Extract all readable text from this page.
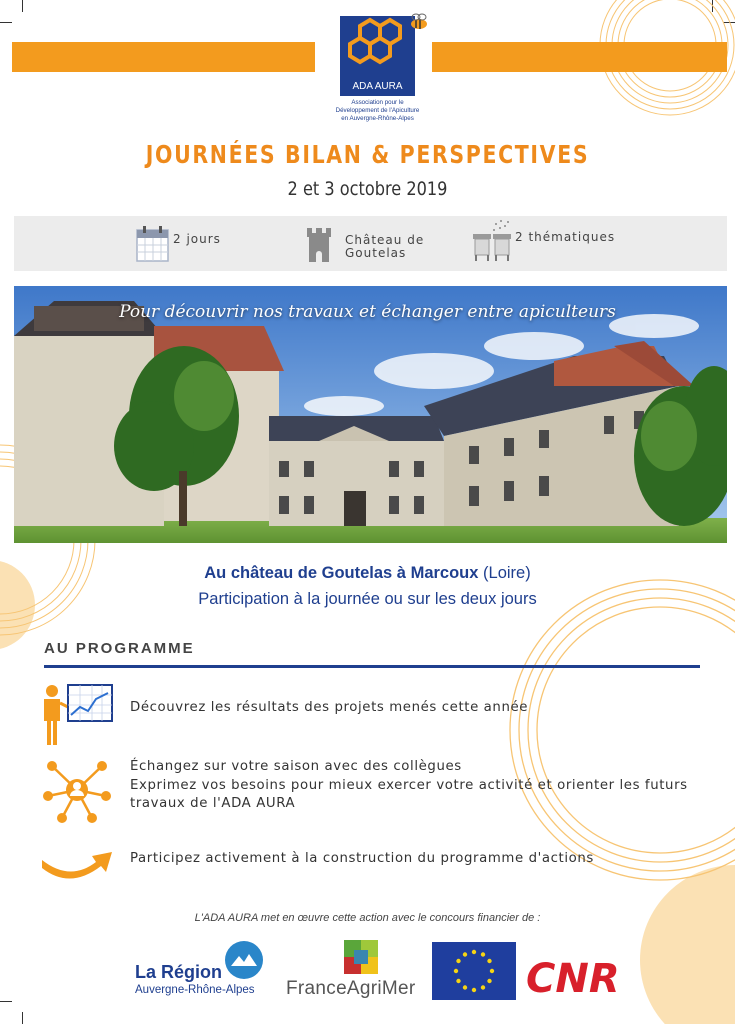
ADA AURA
Association pour le
Développement de l'Apiculture
en Auvergne-Rhône-Alpes
JOURNÉES BILAN & PERSPECTIVES
2 et 3 octobre 2019
2 jours	Château de
Goutelas
2 thématiques
Pour découvrir nos travaux et échanger entre apiculteurs
Au château de Goutelas à Marcoux (Loire)
Participation à la journée ou sur les deux jours
AU PROGRAMME
Découvrez les résultats des projets menés cette année
Échangez sur votre saison avec des collègues
Exprimez vos besoins pour mieux exercer votre activité et orienter les futurs
travaux de l'ADA AURA
Participez activement à la construction du programme d'actions
L'ADA AURA met en œuvre cette action avec le concours financier de :
La Région
Auvergne-Rhône-Alpes FranceAgriMer	CNR
